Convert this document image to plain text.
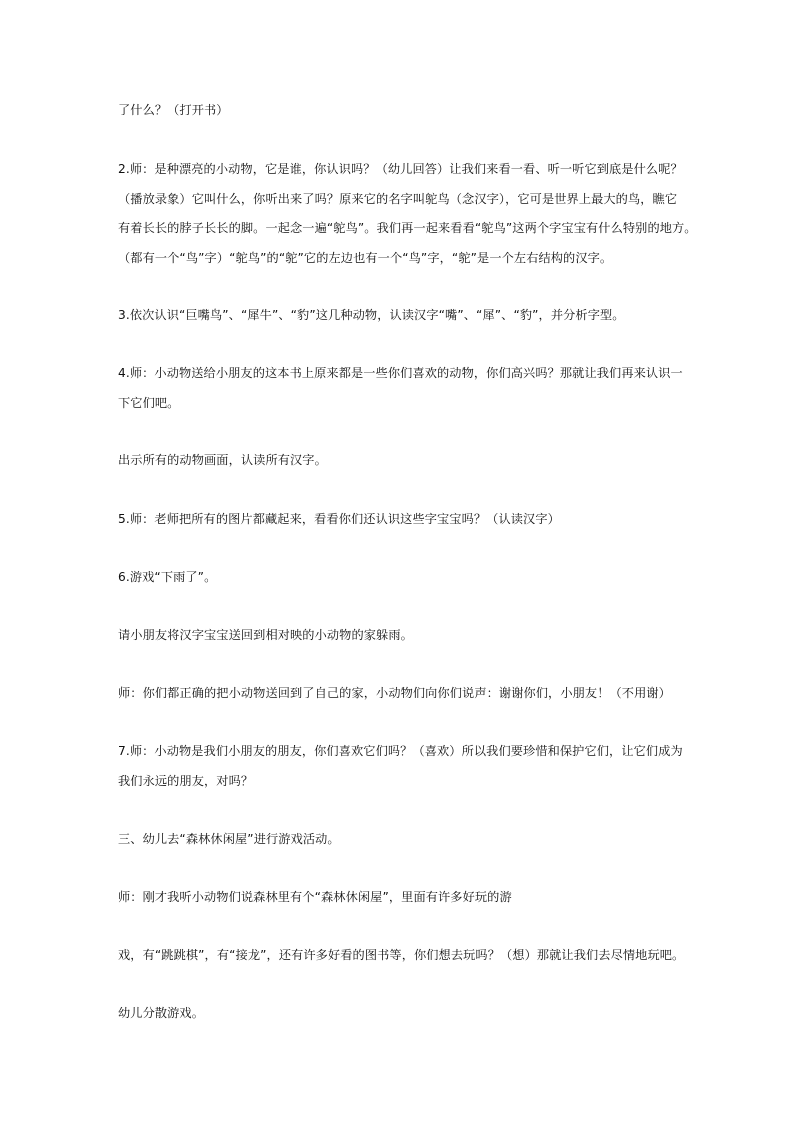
了什么？（打开书）

2.师：是种漂亮的小动物，它是谁，你认识吗？（幼儿回答）让我们来看一看、听一听它到底是什么呢？
（播放录象）它叫什么，你听出来了吗？原来它的名字叫鸵鸟（念汉字），它可是世界上最大的鸟，瞧它
有着长长的脖子长长的脚。一起念一遍“鸵鸟”。我们再一起来看看“鸵鸟”这两个字宝宝有什么特别的地方。
（都有一个“鸟”字）“鸵鸟”的“鸵”它的左边也有一个“鸟”字，“鸵”是一个左右结构的汉字。

3.依次认识“巨嘴鸟”、“犀牛”、“豹”这几种动物，认读汉字“嘴”、“犀”、“豹”，并分析字型。

4.师：小动物送给小朋友的这本书上原来都是一些你们喜欢的动物，你们高兴吗？那就让我们再来认识一
下它们吧。

出示所有的动物画面，认读所有汉字。

5.师：老师把所有的图片都藏起来，看看你们还认识这些字宝宝吗？（认读汉字）

6.游戏“下雨了”。

请小朋友将汉字宝宝送回到相对映的小动物的家躲雨。

师：你们都正确的把小动物送回到了自己的家，小动物们向你们说声：谢谢你们，小朋友！（不用谢）

7.师：小动物是我们小朋友的朋友，你们喜欢它们吗？（喜欢）所以我们要珍惜和保护它们，让它们成为
我们永远的朋友，对吗？

三、幼儿去“森林休闲屋”进行游戏活动。

师：刚才我听小动物们说森林里有个“森林休闲屋”，里面有许多好玩的游

戏，有“跳跳棋”，有“接龙”，还有许多好看的图书等，你们想去玩吗？（想）那就让我们去尽情地玩吧。

幼儿分散游戏。
